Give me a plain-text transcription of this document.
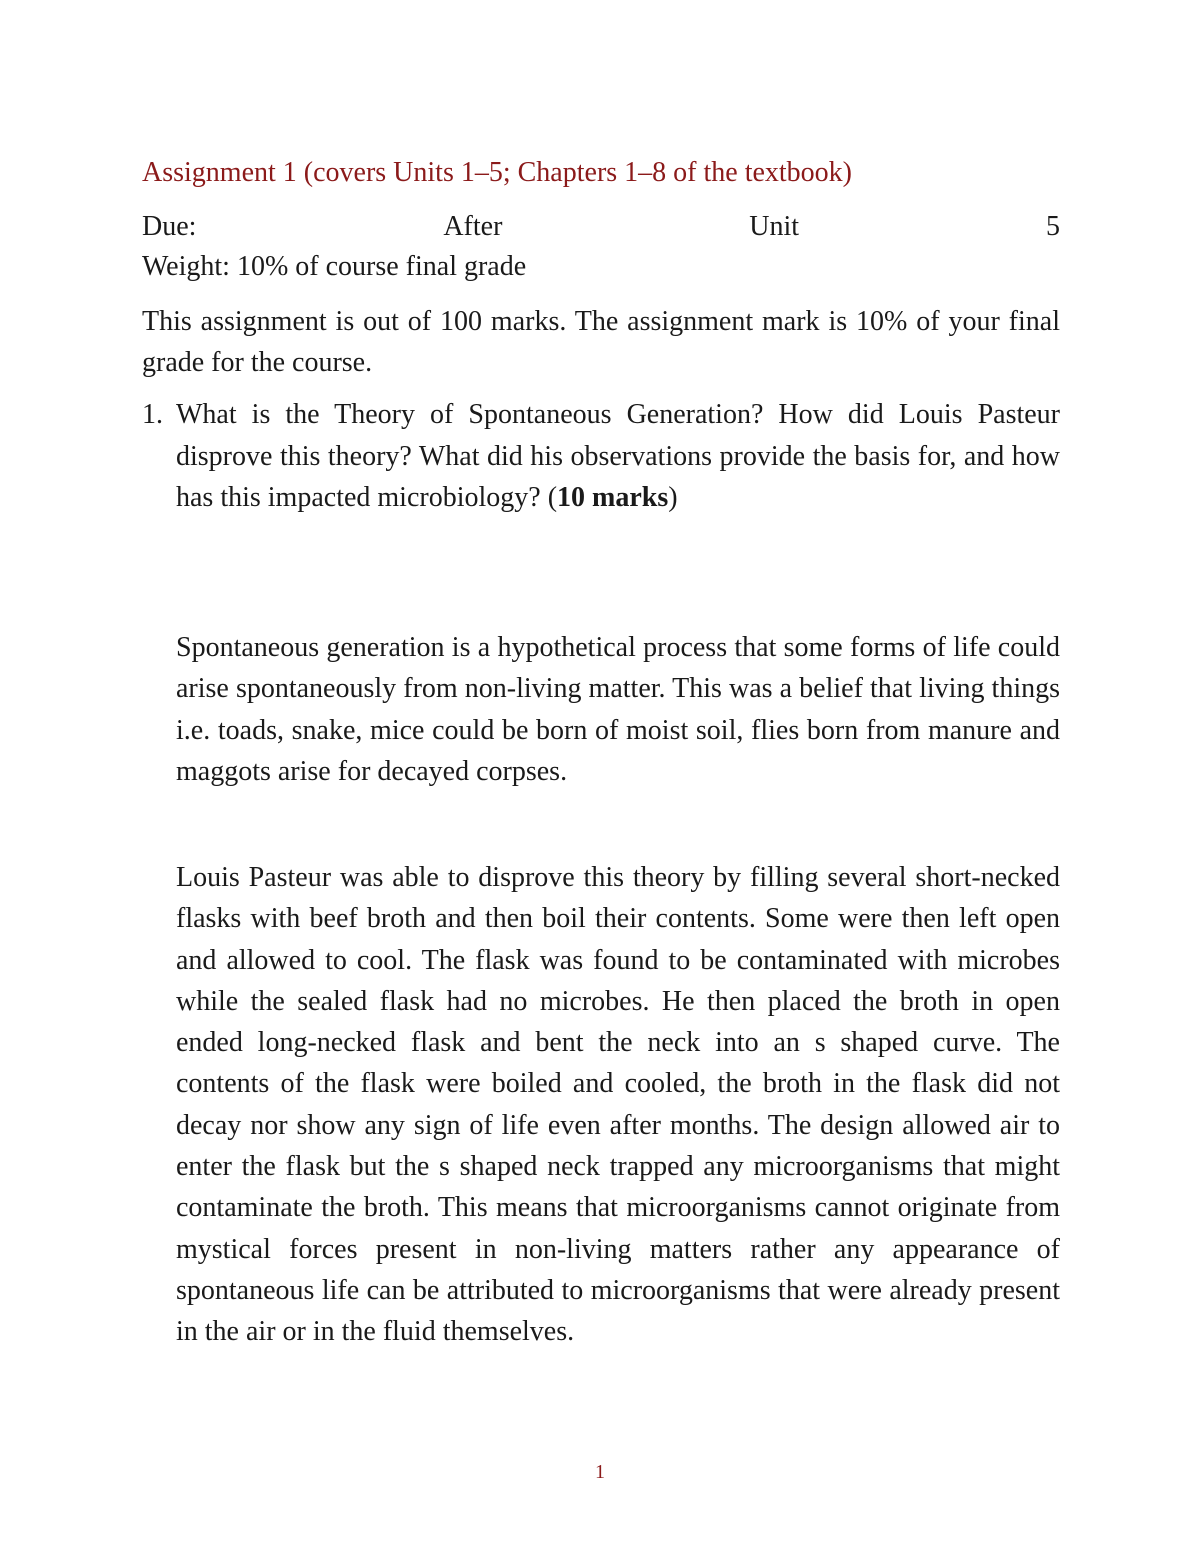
Assignment 1 (covers Units 1–5; Chapters 1–8 of the textbook)
Due:	After	Unit	5
Weight: 10% of course final grade
This assignment is out of 100 marks. The assignment mark is 10% of your final grade for the course.
1. What is the Theory of Spontaneous Generation? How did Louis Pasteur disprove this theory? What did his observations provide the basis for, and how has this impacted microbiology? (10 marks)

Spontaneous generation is a hypothetical process that some forms of life could arise spontaneously from non-living matter. This was a belief that living things i.e. toads, snake, mice could be born of moist soil, flies born from manure and maggots arise for decayed corpses.

Louis Pasteur was able to disprove this theory by filling several short-necked flasks with beef broth and then boil their contents. Some were then left open and allowed to cool. The flask was found to be contaminated with microbes while the sealed flask had no microbes. He then placed the broth in open ended long-necked flask and bent the neck into an s shaped curve. The contents of the flask were boiled and cooled, the broth in the flask did not decay nor show any sign of life even after months. The design allowed air to enter the flask but the s shaped neck trapped any microorganisms that might contaminate the broth. This means that microorganisms cannot originate from mystical forces present in non-living matters rather any appearance of spontaneous life can be attributed to microorganisms that were already present in the air or in the fluid themselves.

1
